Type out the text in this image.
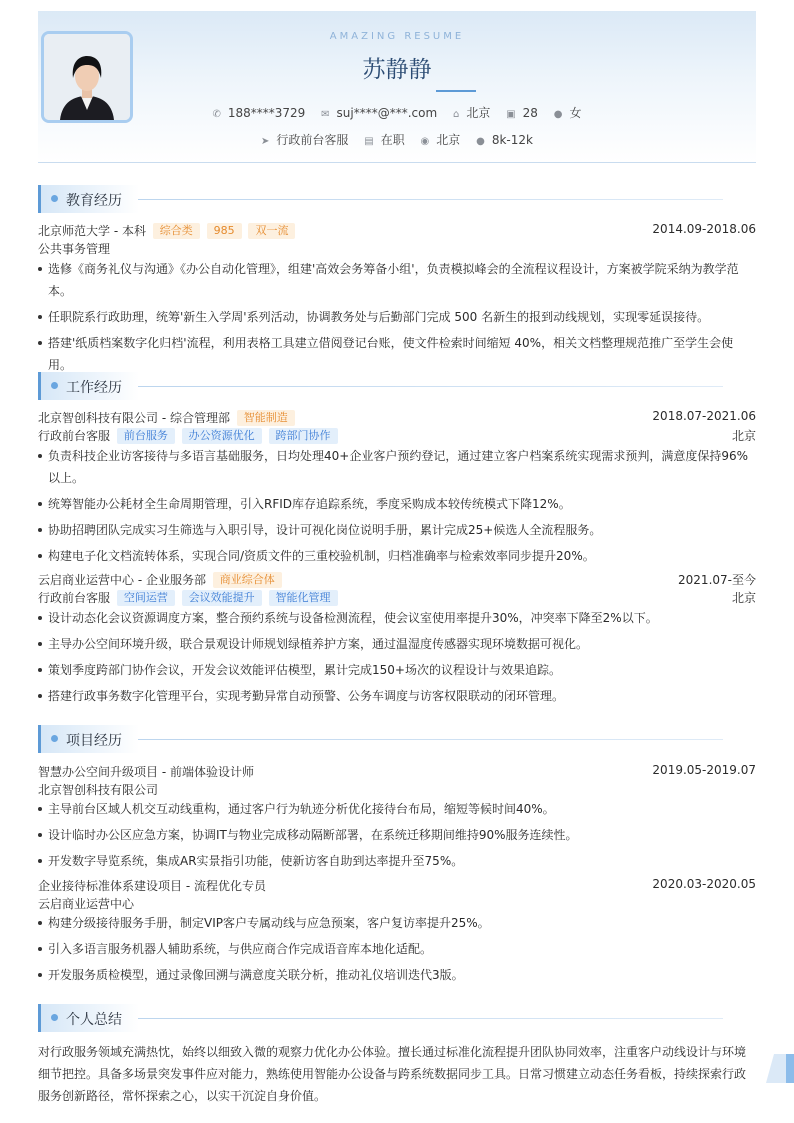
AMAZING RESUME
苏静静
✆ 188****3729 ✉ suj****@***.com ⌂ 北京 ▣ 28 ● 女
➤ 行政前台客服 ▤ 在职 ◉ 北京 ● 8k-12k
教育经历
北京师范大学 - 本科 综合类 985 双一流	2014.09-2018.06
公共事务管理
选修《商务礼仪与沟通》《办公自动化管理》，组建'高效会务筹备小组'，负责模拟峰会的全流程议程设计，方案被学院采纳为教学范本。
任职院系行政助理，统筹'新生入学周'系列活动，协调教务处与后勤部门完成 500 名新生的报到动线规划，实现零延误接待。
搭建'纸质档案数字化归档'流程，利用表格工具建立借阅登记台账，使文件检索时间缩短 40%，相关文档整理规范推广至学生会使用。
工作经历
北京智创科技有限公司 - 综合管理部 智能制造	2018.07-2021.06
行政前台客服 前台服务 办公资源优化 跨部门协作	北京
负责科技企业访客接待与多语言基础服务，日均处理40+企业客户预约登记，通过建立客户档案系统实现需求预判，满意度保持96%以上。
统筹智能办公耗材全生命周期管理，引入RFID库存追踪系统，季度采购成本较传统模式下降12%。
协助招聘团队完成实习生筛选与入职引导，设计可视化岗位说明手册，累计完成25+候选人全流程服务。
构建电子化文档流转体系，实现合同/资质文件的三重校验机制，归档准确率与检索效率同步提升20%。
云启商业运营中心 - 企业服务部 商业综合体	2021.07-至今
行政前台客服 空间运营 会议效能提升 智能化管理	北京
设计动态化会议资源调度方案，整合预约系统与设备检测流程，使会议室使用率提升30%，冲突率下降至2%以下。
主导办公空间环境升级，联合景观设计师规划绿植养护方案，通过温湿度传感器实现环境数据可视化。
策划季度跨部门协作会议，开发会议效能评估模型，累计完成150+场次的议程设计与效果追踪。
搭建行政事务数字化管理平台，实现考勤异常自动预警、公务车调度与访客权限联动的闭环管理。
项目经历
智慧办公空间升级项目 - 前端体验设计师	2019.05-2019.07
北京智创科技有限公司
主导前台区域人机交互动线重构，通过客户行为轨迹分析优化接待台布局，缩短等候时间40%。
设计临时办公区应急方案，协调IT与物业完成移动隔断部署，在系统迁移期间维持90%服务连续性。
开发数字导览系统，集成AR实景指引功能，使新访客自助到达率提升至75%。
企业接待标准体系建设项目 - 流程优化专员	2020.03-2020.05
云启商业运营中心
构建分级接待服务手册，制定VIP客户专属动线与应急预案，客户复访率提升25%。
引入多语言服务机器人辅助系统，与供应商合作完成语音库本地化适配。
开发服务质检模型，通过录像回溯与满意度关联分析，推动礼仪培训迭代3版。
个人总结
对行政服务领域充满热忱，始终以细致入微的观察力优化办公体验。擅长通过标准化流程提升团队协同效率，注重客户动线设计与环境细节把控。具备多场景突发事件应对能力，熟练使用智能办公设备与跨系统数据同步工具。日常习惯建立动态任务看板，持续探索行政服务创新路径，常怀探索之心，以实干沉淀自身价值。
